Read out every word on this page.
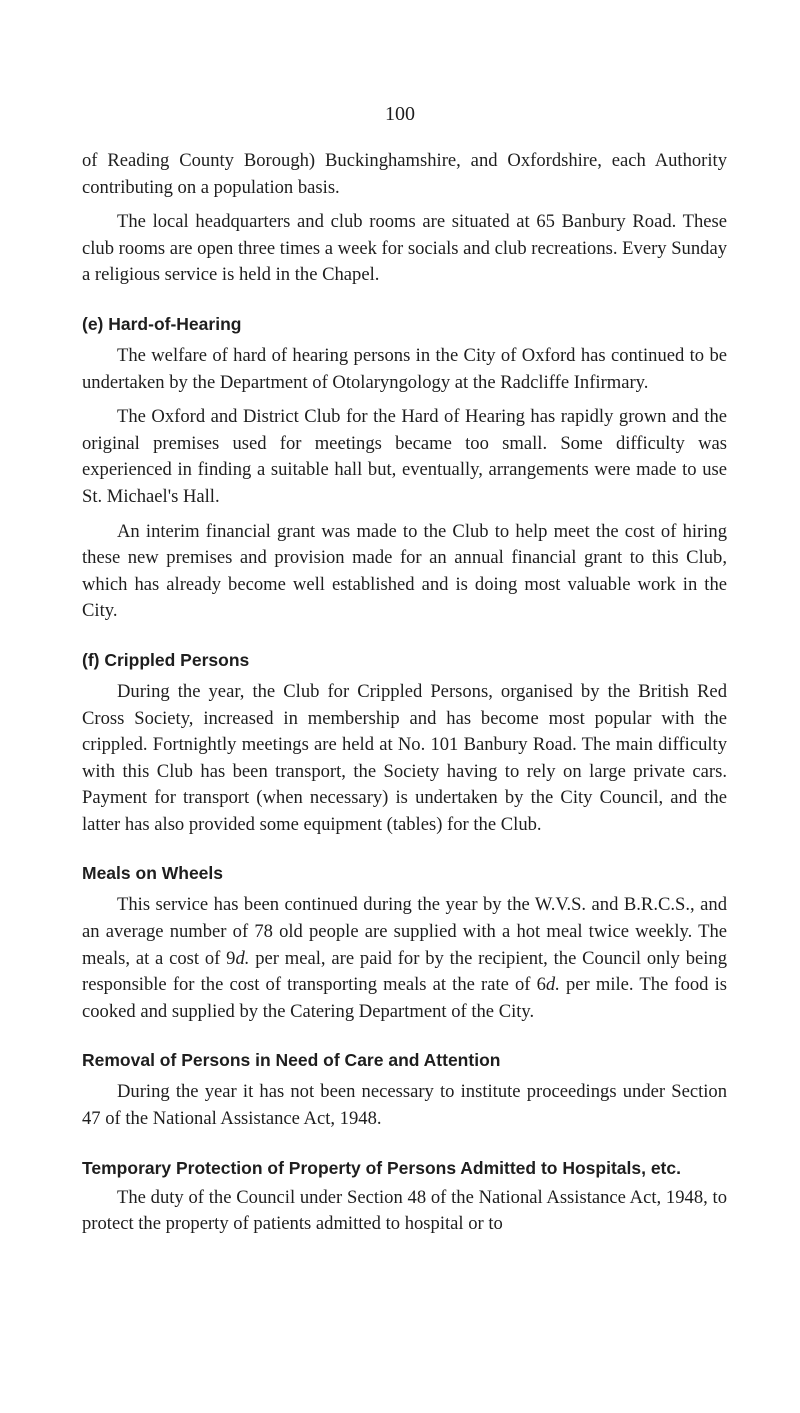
100

of Reading County Borough) Buckinghamshire, and Oxfordshire, each Authority contributing on a population basis.

The local headquarters and club rooms are situated at 65 Banbury Road. These club rooms are open three times a week for socials and club recreations. Every Sunday a religious service is held in the Chapel.

(e) Hard-of-Hearing

The welfare of hard of hearing persons in the City of Oxford has continued to be undertaken by the Department of Otolaryngology at the Radcliffe Infirmary.

The Oxford and District Club for the Hard of Hearing has rapidly grown and the original premises used for meetings became too small. Some difficulty was experienced in finding a suitable hall but, eventually, arrangements were made to use St. Michael's Hall.

An interim financial grant was made to the Club to help meet the cost of hiring these new premises and provision made for an annual financial grant to this Club, which has already become well established and is doing most valuable work in the City.

(f) Crippled Persons

During the year, the Club for Crippled Persons, organised by the British Red Cross Society, increased in membership and has become most popular with the crippled. Fortnightly meetings are held at No. 101 Banbury Road. The main difficulty with this Club has been transport, the Society having to rely on large private cars. Payment for transport (when necessary) is undertaken by the City Council, and the latter has also provided some equipment (tables) for the Club.

Meals on Wheels

This service has been continued during the year by the W.V.S. and B.R.C.S., and an average number of 78 old people are supplied with a hot meal twice weekly. The meals, at a cost of 9d. per meal, are paid for by the recipient, the Council only being responsible for the cost of transporting meals at the rate of 6d. per mile. The food is cooked and supplied by the Catering Department of the City.

Removal of Persons in Need of Care and Attention

During the year it has not been necessary to institute proceedings under Section 47 of the National Assistance Act, 1948.

Temporary Protection of Property of Persons Admitted to Hospitals, etc.

The duty of the Council under Section 48 of the National Assistance Act, 1948, to protect the property of patients admitted to hospital or to
